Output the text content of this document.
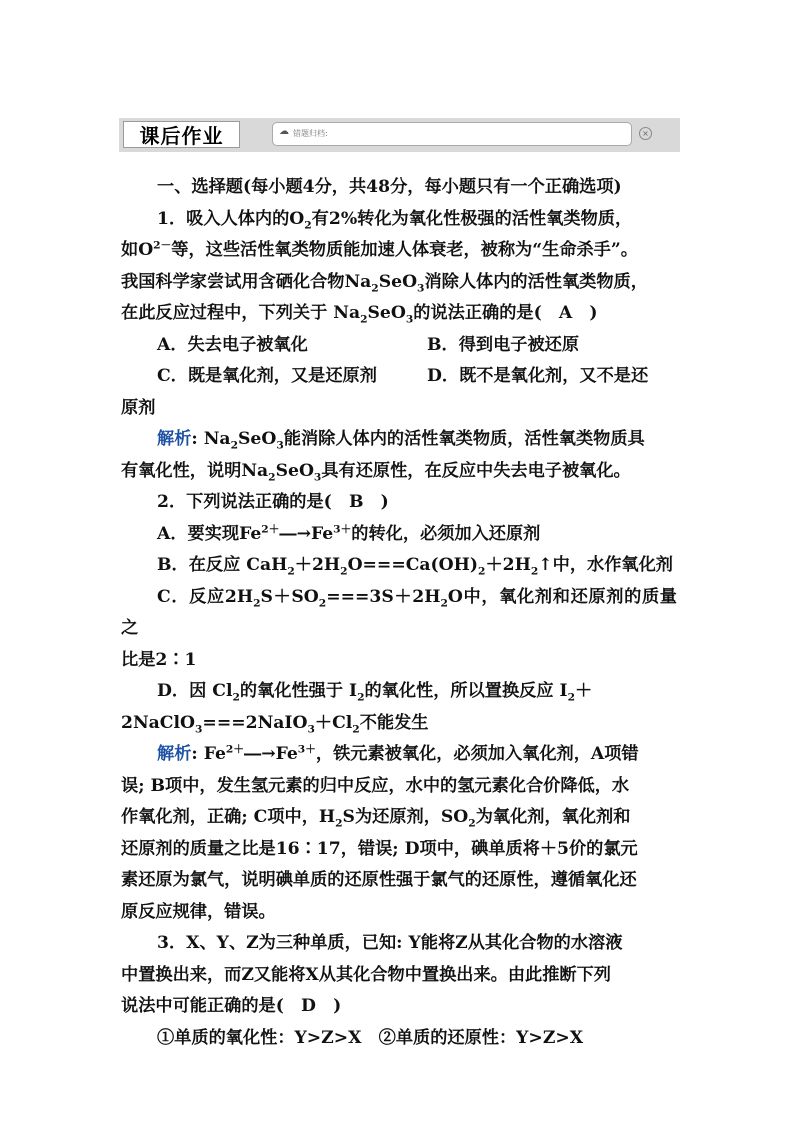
课后作业	☁ 错题归档:	×

一、选择题(每小题4分，共48分，每小题只有一个正确选项)

1．吸入人体内的$O_2$有2%转化为氧化性极强的活性氧类物质，

如$O^{2-}$等，这些活性氧类物质能加速人体衰老，被称为“生命杀手”。

我国科学家尝试用含硒化合物$Na_2SeO_3$消除人体内的活性氧类物质，

在此反应过程中，下列关于 $Na_2SeO_3$的说法正确的是(　A　)

A．失去电子被氧化	B．得到电子被还原
C．既是氧化剂，又是还原剂	D．既不是氧化剂，又不是还

原剂

解析: $Na_2SeO_3$能消除人体内的活性氧类物质，活性氧类物质具

有氧化性，说明$Na_2SeO_3$具有还原性，在反应中失去电子被氧化。

2．下列说法正确的是(　B　)

A．要实现$Fe^{2+}―\to Fe^{3+}$的转化，必须加入还原剂

B．在反应 $CaH_2+2H_2O===Ca(OH)_2+2H_2↑$中，水作氧化剂

C．反应$2H_2S+SO_2===3S+2H_2O$中，氧化剂和还原剂的质量之

比是2∶1

D．因 $Cl_2$的氧化性强于 $I_2$的氧化性，所以置换反应 $I_2+$

$2NaClO_3===2NaIO_3+Cl_2$不能发生

解析: $Fe^{2+}―\to Fe^{3+}$，铁元素被氧化，必须加入氧化剂，A项错

误; B项中，发生氢元素的归中反应，水中的氢元素化合价降低，水

作氧化剂，正确; C项中，$H_2S$为还原剂，$SO_2$为氧化剂，氧化剂和

还原剂的质量之比是16∶17，错误; D项中，碘单质将＋5价的氯元

素还原为氯气，说明碘单质的还原性强于氯气的还原性，遵循氧化还

原反应规律，错误。

3．X、Y、Z为三种单质，已知: Y能将Z从其化合物的水溶液

中置换出来，而Z又能将X从其化合物中置换出来。由此推断下列

说法中可能正确的是(　D　)

①单质的氧化性：Y>Z>X　②单质的还原性：Y>Z>X
